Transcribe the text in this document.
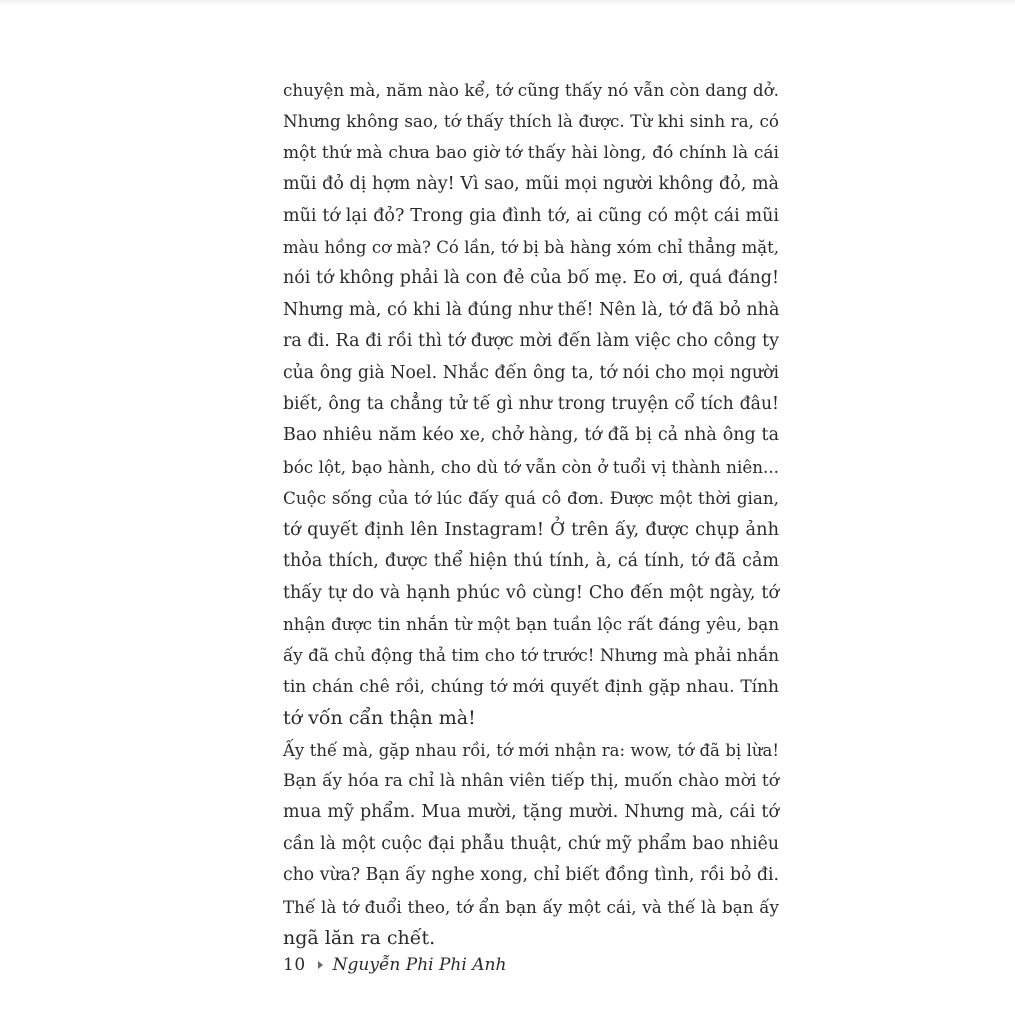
chuyện mà, năm nào kể, tớ cũng thấy nó vẫn còn dang dở.
Nhưng không sao, tớ thấy thích là được. Từ khi sinh ra, có
một thứ mà chưa bao giờ tớ thấy hài lòng, đó chính là cái
mũi đỏ dị hợm này! Vì sao, mũi mọi người không đỏ, mà
mũi tớ lại đỏ? Trong gia đình tớ, ai cũng có một cái mũi
màu hồng cơ mà? Có lần, tớ bị bà hàng xóm chỉ thẳng mặt,
nói tớ không phải là con đẻ của bố mẹ. Eo ơi, quá đáng!
Nhưng mà, có khi là đúng như thế! Nên là, tớ đã bỏ nhà
ra đi. Ra đi rồi thì tớ được mời đến làm việc cho công ty
của ông già Noel. Nhắc đến ông ta, tớ nói cho mọi người
biết, ông ta chẳng tử tế gì như trong truyện cổ tích đâu!
Bao nhiêu năm kéo xe, chở hàng, tớ đã bị cả nhà ông ta
bóc lột, bạo hành, cho dù tớ vẫn còn ở tuổi vị thành niên...
Cuộc sống của tớ lúc đấy quá cô đơn. Được một thời gian,
tớ quyết định lên Instagram! Ở trên ấy, được chụp ảnh
thỏa thích, được thể hiện thú tính, à, cá tính, tớ đã cảm
thấy tự do và hạnh phúc vô cùng! Cho đến một ngày, tớ
nhận được tin nhắn từ một bạn tuần lộc rất đáng yêu, bạn
ấy đã chủ động thả tim cho tớ trước! Nhưng mà phải nhắn
tin chán chê rồi, chúng tớ mới quyết định gặp nhau. Tính
tớ vốn cẩn thận mà!
Ấy thế mà, gặp nhau rồi, tớ mới nhận ra: wow, tớ đã bị lừa!
Bạn ấy hóa ra chỉ là nhân viên tiếp thị, muốn chào mời tớ
mua mỹ phẩm. Mua mười, tặng mười. Nhưng mà, cái tớ
cần là một cuộc đại phẫu thuật, chứ mỹ phẩm bao nhiêu
cho vừa? Bạn ấy nghe xong, chỉ biết đồng tình, rồi bỏ đi.
Thế là tớ đuổi theo, tớ ẩn bạn ấy một cái, và thế là bạn ấy
ngã lăn ra chết.
10 Nguyễn Phi Phi Anh
